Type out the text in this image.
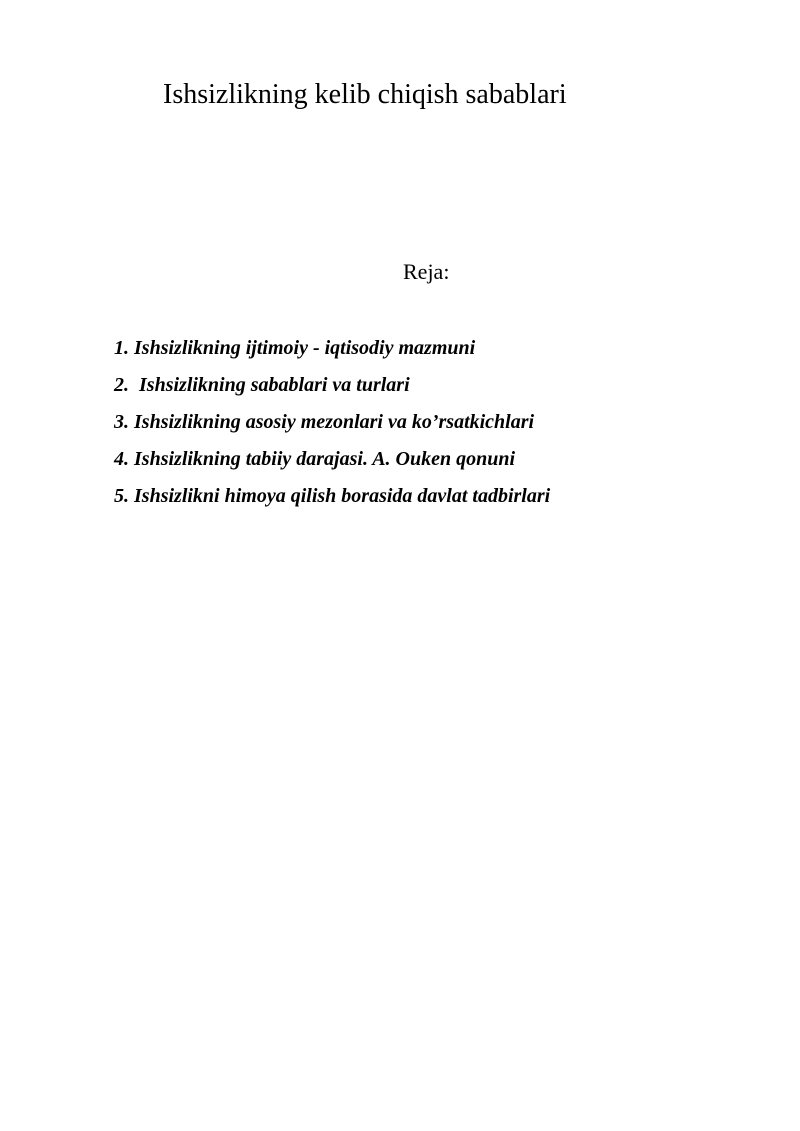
Ishsizlikning kelib chiqish sabablari
Reja:
1. Ishsizlikning ijtimoiy - iqtisodiy mazmuni
2.  Ishsizlikning sabablari va turlari
3. Ishsizlikning asosiy mezonlari va ko’rsatkichlari
4. Ishsizlikning tabiiy darajasi. A. Ouken qonuni
5. Ishsizlikni himoya qilish borasida davlat tadbirlari
